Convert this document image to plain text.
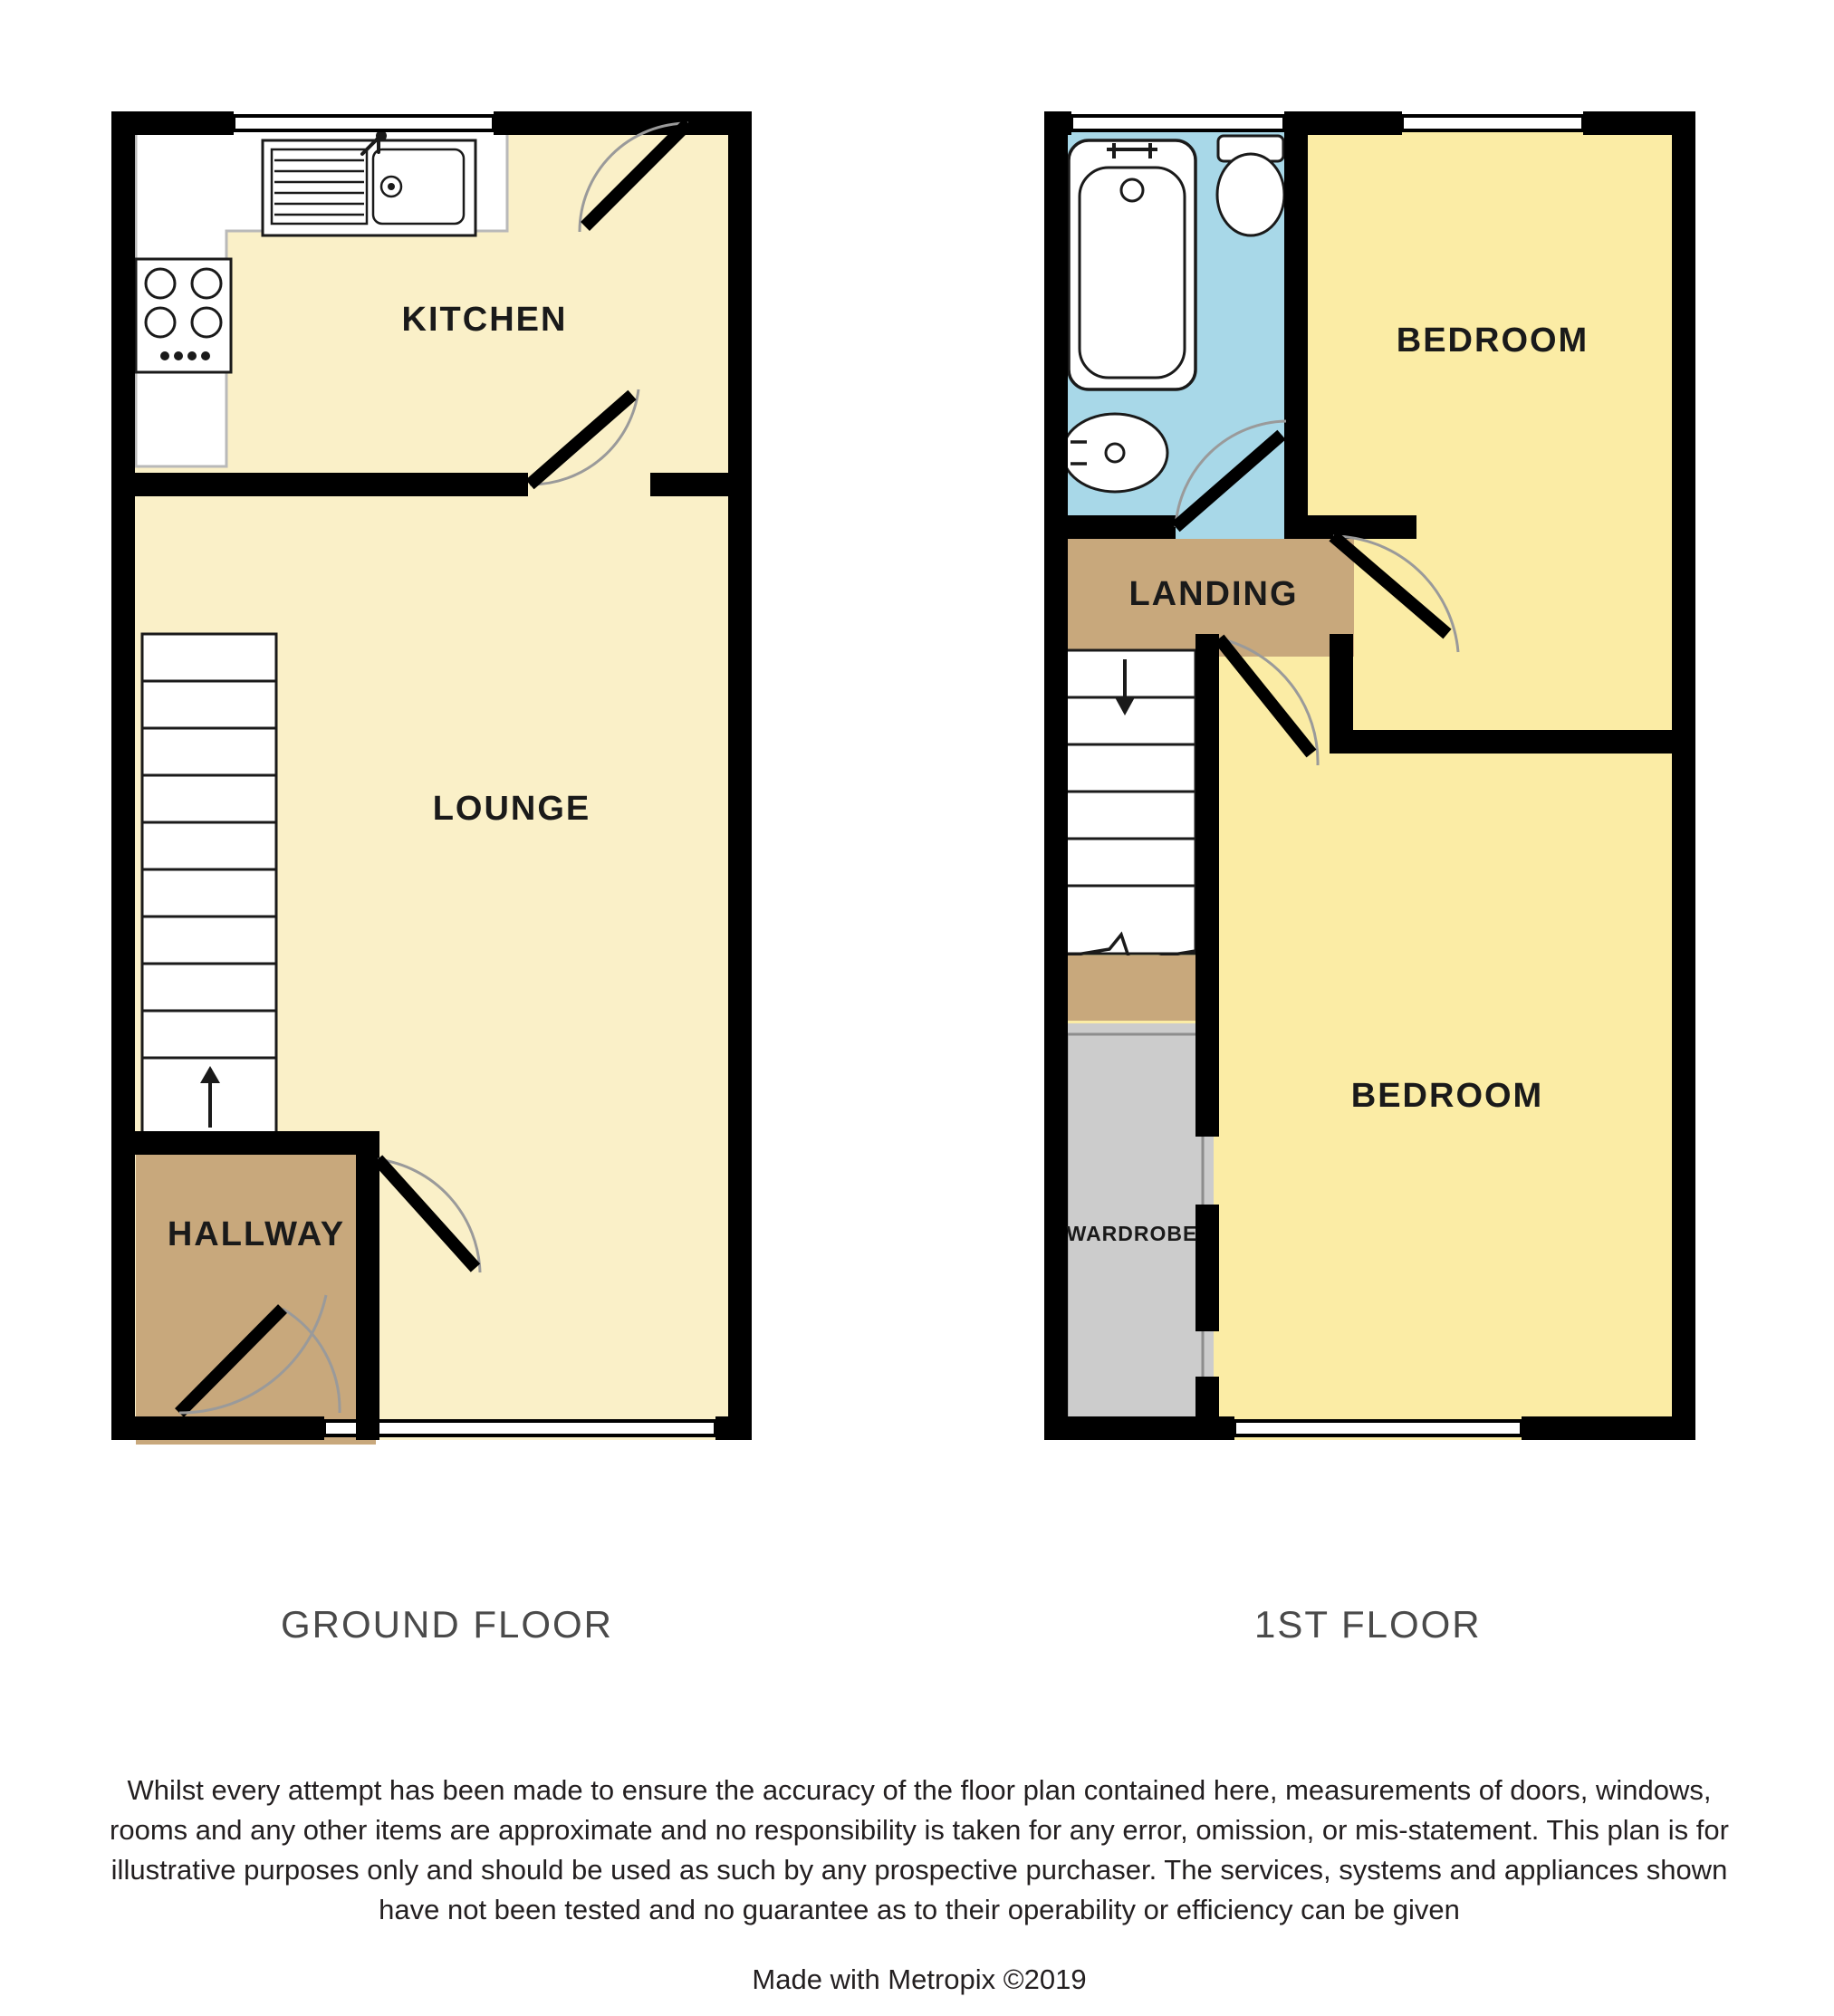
KITCHEN
LOUNGE
HALLWAY
BEDROOM
LANDING
BEDROOM
WARDROBE
GROUND FLOOR	1ST FLOOR
Whilst every attempt has been made to ensure the accuracy of the floor plan contained here, measurements of doors, windows, rooms and any other items are approximate and no responsibility is taken for any error, omission, or mis-statement. This plan is for illustrative purposes only and should be used as such by any prospective purchaser. The services, systems and appliances shown have not been tested and no guarantee as to their operability or efficiency can be given
Made with Metropix ©2019
